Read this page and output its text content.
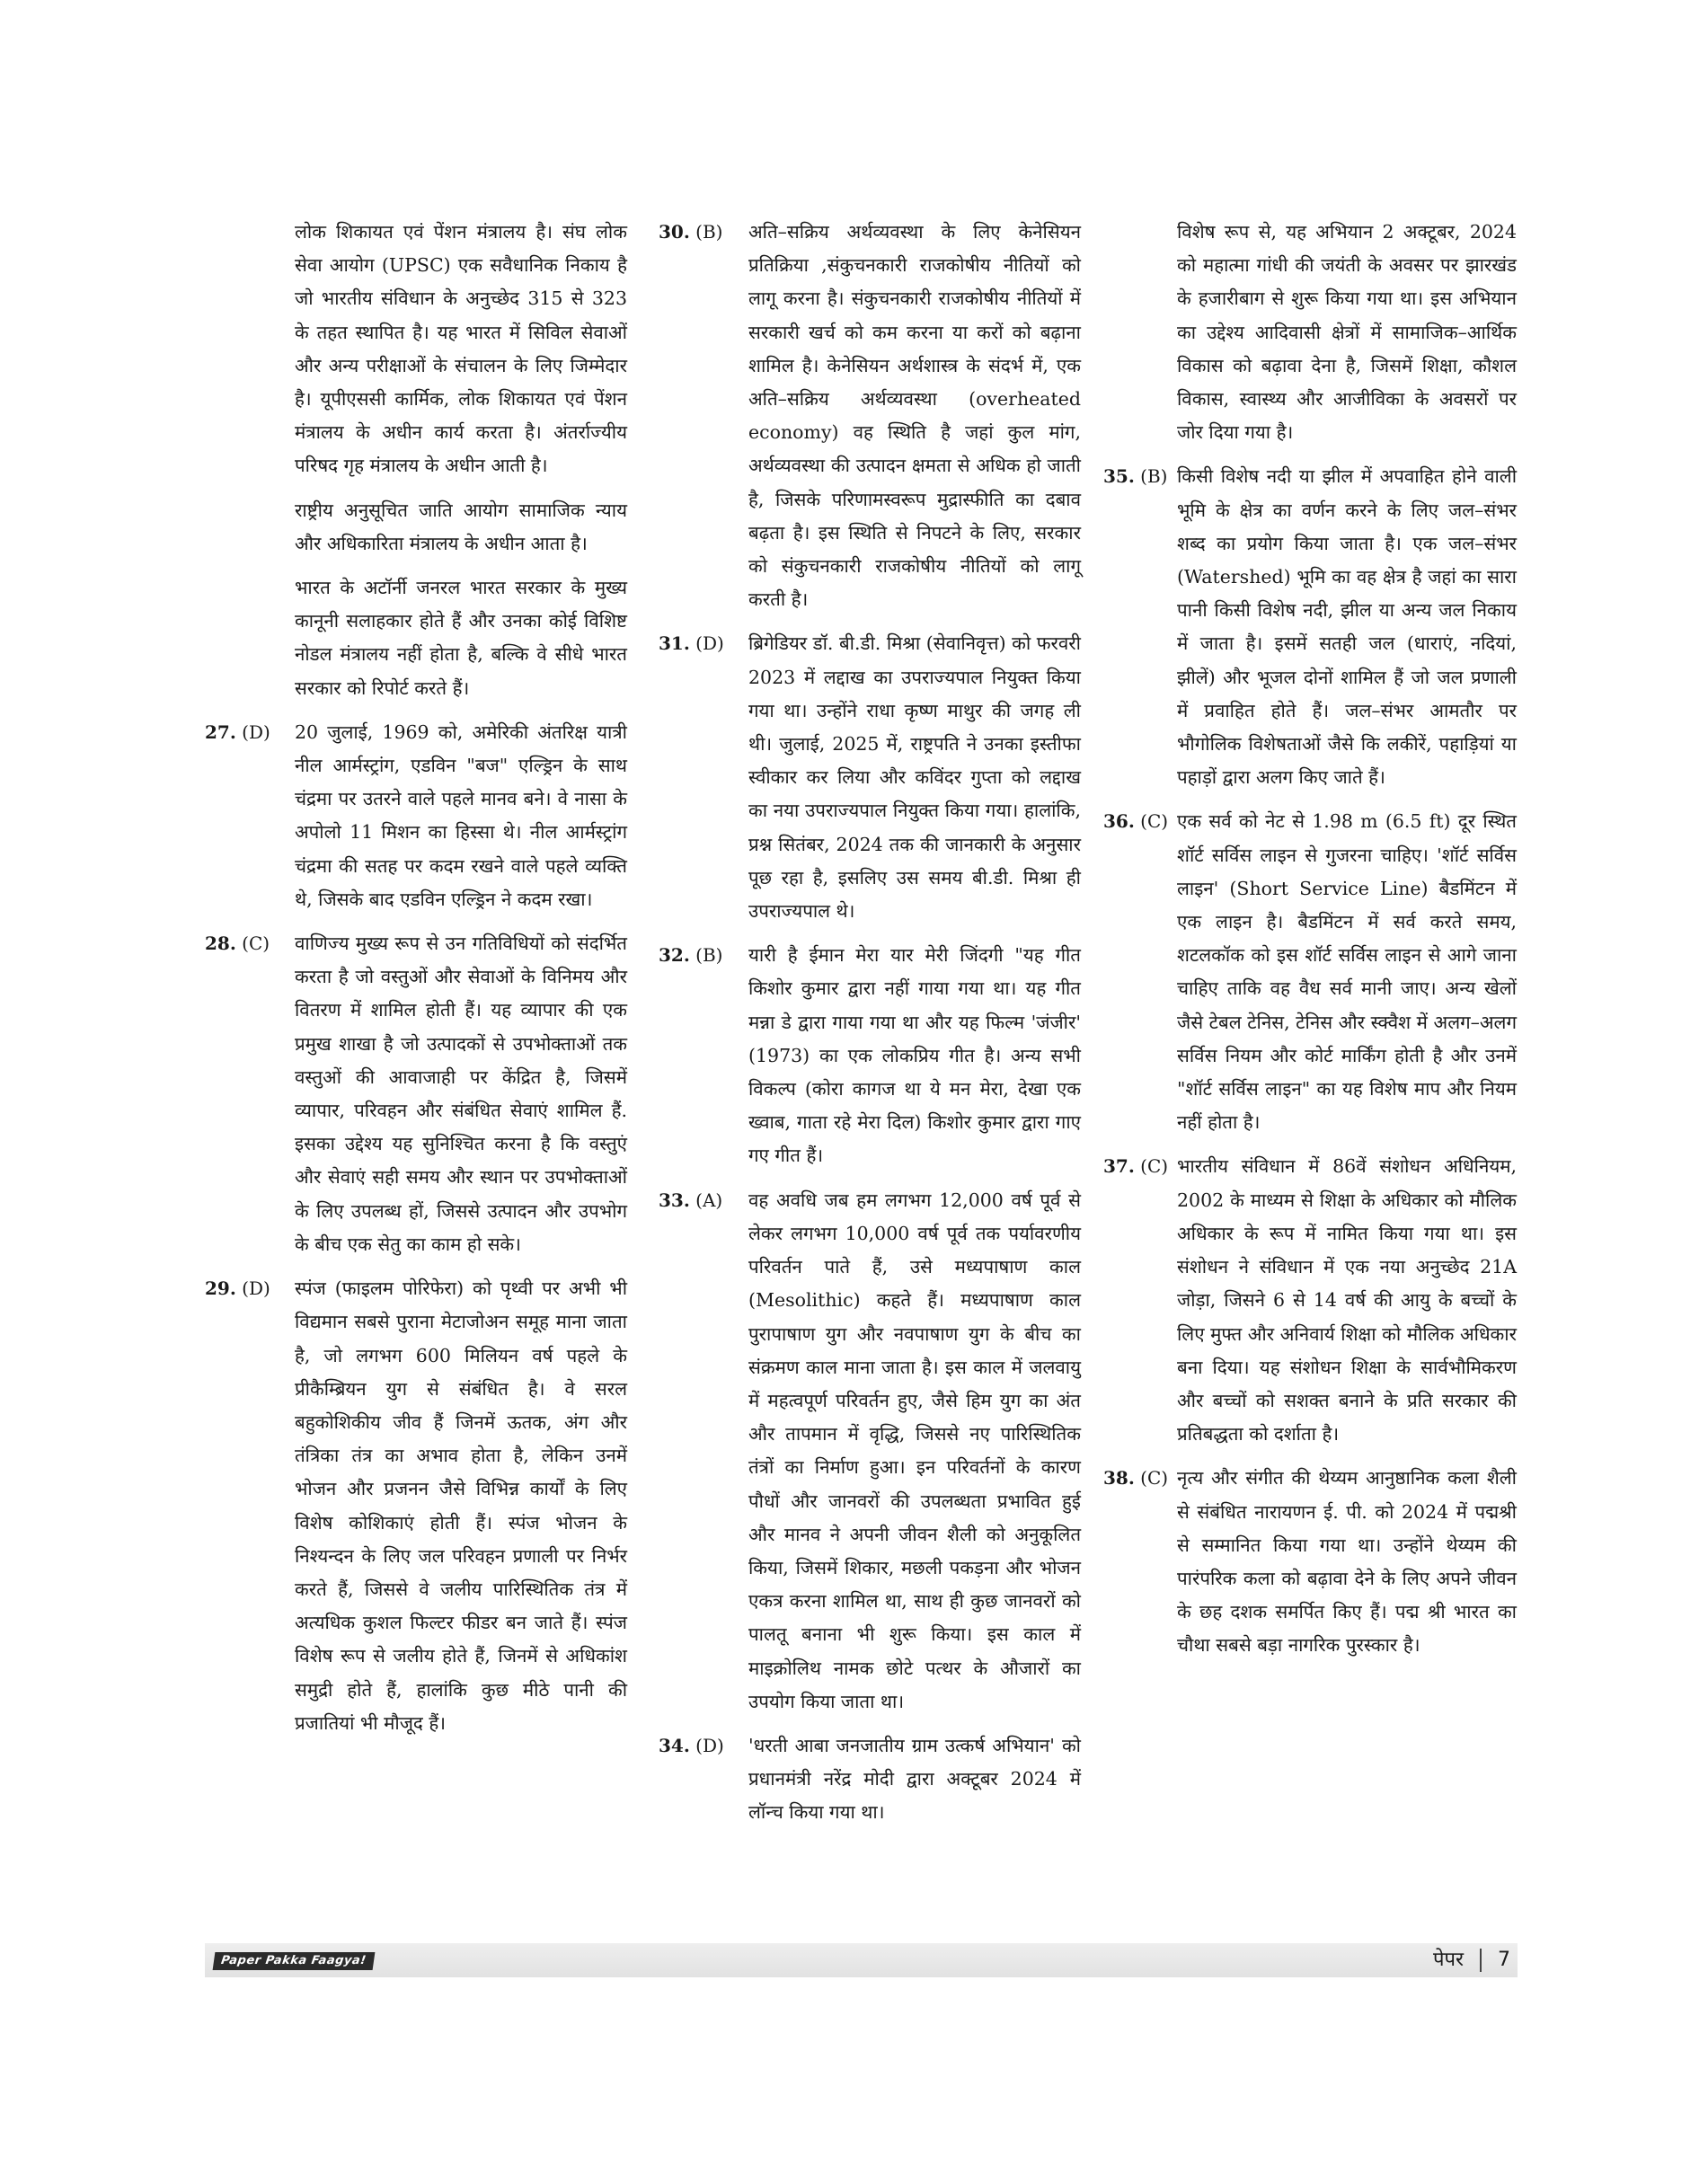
लोक शिकायत एवं पेंशन मंत्रालय है। संघ लोक सेवा आयोग (UPSC) एक सवैधानिक निकाय है जो भारतीय संविधान के अनुच्छेद 315 से 323 के तहत स्थापित है। यह भारत में सिविल सेवाओं और अन्य परीक्षाओं के संचालन के लिए जिम्मेदार है। यूपीएससी कार्मिक, लोक शिकायत एवं पेंशन मंत्रालय के अधीन कार्य करता है। अंतर्राज्यीय परिषद गृह मंत्रालय के अधीन आती है।

राष्ट्रीय अनुसूचित जाति आयोग सामाजिक न्याय और अधिकारिता मंत्रालय के अधीन आता है।

भारत के अटॉर्नी जनरल भारत सरकार के मुख्य कानूनी सलाहकार होते हैं और उनका कोई विशिष्ट नोडल मंत्रालय नहीं होता है, बल्कि वे सीधे भारत सरकार को रिपोर्ट करते हैं।

27. (D)	20 जुलाई, 1969 को, अमेरिकी अंतरिक्ष यात्री नील आर्मस्ट्रांग, एडविन "बज" एल्ड्रिन के साथ चंद्रमा पर उतरने वाले पहले मानव बने। वे नासा के अपोलो 11 मिशन का हिस्सा थे। नील आर्मस्ट्रांग चंद्रमा की सतह पर कदम रखने वाले पहले व्यक्ति थे, जिसके बाद एडविन एल्ड्रिन ने कदम रखा।

28. (C)	वाणिज्य मुख्य रूप से उन गतिविधियों को संदर्भित करता है जो वस्तुओं और सेवाओं के विनिमय और वितरण में शामिल होती हैं। यह व्यापार की एक प्रमुख शाखा है जो उत्पादकों से उपभोक्ताओं तक वस्तुओं की आवाजाही पर केंद्रित है, जिसमें व्यापार, परिवहन और संबंधित सेवाएं शामिल हैं. इसका उद्देश्य यह सुनिश्चित करना है कि वस्तुएं और सेवाएं सही समय और स्थान पर उपभोक्ताओं के लिए उपलब्ध हों, जिससे उत्पादन और उपभोग के बीच एक सेतु का काम हो सके।

29. (D)	स्पंज (फाइलम पोरिफेरा) को पृथ्वी पर अभी भी विद्यमान सबसे पुराना मेटाजोअन समूह माना जाता है, जो लगभग 600 मिलियन वर्ष पहले के प्रीकैम्ब्रियन युग से संबंधित है। वे सरल बहुकोशिकीय जीव हैं जिनमें ऊतक, अंग और तंत्रिका तंत्र का अभाव होता है, लेकिन उनमें भोजन और प्रजनन जैसे विभिन्न कार्यों के लिए विशेष कोशिकाएं होती हैं। स्पंज भोजन के निश्यन्दन के लिए जल परिवहन प्रणाली पर निर्भर करते हैं, जिससे वे जलीय पारिस्थितिक तंत्र में अत्यधिक कुशल फिल्टर फीडर बन जाते हैं। स्पंज विशेष रूप से जलीय होते हैं, जिनमें से अधिकांश समुद्री होते हैं, हालांकि कुछ मीठे पानी की प्रजातियां भी मौजूद हैं।

30. (B)	अति–सक्रिय अर्थव्यवस्था के लिए केनेसियन प्रतिक्रिया ,संकुचनकारी राजकोषीय नीतियों को लागू करना है। संकुचनकारी राजकोषीय नीतियों में सरकारी खर्च को कम करना या करों को बढ़ाना शामिल है। केनेसियन अर्थशास्त्र के संदर्भ में, एक अति–सक्रिय अर्थव्यवस्था (overheated economy) वह स्थिति है जहां कुल मांग, अर्थव्यवस्था की उत्पादन क्षमता से अधिक हो जाती है, जिसके परिणामस्वरूप मुद्रास्फीति का दबाव बढ़ता है। इस स्थिति से निपटने के लिए, सरकार को संकुचनकारी राजकोषीय नीतियों को लागू करती है।

31. (D)	ब्रिगेडियर डॉ. बी.डी. मिश्रा (सेवानिवृत्त) को फरवरी 2023 में लद्दाख का उपराज्यपाल नियुक्त किया गया था। उन्होंने राधा कृष्ण माथुर की जगह ली थी। जुलाई, 2025 में, राष्ट्रपति ने उनका इस्तीफा स्वीकार कर लिया और कविंदर गुप्ता को लद्दाख का नया उपराज्यपाल नियुक्त किया गया। हालांकि, प्रश्न सितंबर, 2024 तक की जानकारी के अनुसार पूछ रहा है, इसलिए उस समय बी.डी. मिश्रा ही उपराज्यपाल थे।

32. (B)	यारी है ईमान मेरा यार मेरी जिंदगी "यह गीत किशोर कुमार द्वारा नहीं गाया गया था। यह गीत मन्ना डे द्वारा गाया गया था और यह फिल्म 'जंजीर' (1973) का एक लोकप्रिय गीत है। अन्य सभी विकल्प (कोरा कागज था ये मन मेरा, देखा एक ख्वाब, गाता रहे मेरा दिल) किशोर कुमार द्वारा गाए गए गीत हैं।

33. (A)	वह अवधि जब हम लगभग 12,000 वर्ष पूर्व से लेकर लगभग 10,000 वर्ष पूर्व तक पर्यावरणीय परिवर्तन पाते हैं, उसे मध्यपाषाण काल (Mesolithic) कहते हैं। मध्यपाषाण काल पुरापाषाण युग और नवपाषाण युग के बीच का संक्रमण काल माना जाता है। इस काल में जलवायु में महत्वपूर्ण परिवर्तन हुए, जैसे हिम युग का अंत और तापमान में वृद्धि, जिससे नए पारिस्थितिक तंत्रों का निर्माण हुआ। इन परिवर्तनों के कारण पौधों और जानवरों की उपलब्धता प्रभावित हुई और मानव ने अपनी जीवन शैली को अनुकूलित किया, जिसमें शिकार, मछली पकड़ना और भोजन एकत्र करना शामिल था, साथ ही कुछ जानवरों को पालतू बनाना भी शुरू किया। इस काल में माइक्रोलिथ नामक छोटे पत्थर के औजारों का उपयोग किया जाता था।

34. (D)	'धरती आबा जनजातीय ग्राम उत्कर्ष अभियान' को प्रधानमंत्री नरेंद्र मोदी द्वारा अक्टूबर 2024 में लॉन्च किया गया था।

विशेष रूप से, यह अभियान 2 अक्टूबर, 2024 को महात्मा गांधी की जयंती के अवसर पर झारखंड के हजारीबाग से शुरू किया गया था। इस अभियान का उद्देश्य आदिवासी क्षेत्रों में सामाजिक–आर्थिक विकास को बढ़ावा देना है, जिसमें शिक्षा, कौशल विकास, स्वास्थ्य और आजीविका के अवसरों पर जोर दिया गया है।

35. (B) किसी विशेष नदी या झील में अपवाहित होने वाली भूमि के क्षेत्र का वर्णन करने के लिए जल–संभर शब्द का प्रयोग किया जाता है। एक जल–संभर (Watershed) भूमि का वह क्षेत्र है जहां का सारा पानी किसी विशेष नदी, झील या अन्य जल निकाय में जाता है। इसमें सतही जल (धाराएं, नदियां, झीलें) और भूजल दोनों शामिल हैं जो जल प्रणाली में प्रवाहित होते हैं। जल–संभर आमतौर पर भौगोलिक विशेषताओं जैसे कि लकीरें, पहाड़ियां या पहाड़ों द्वारा अलग किए जाते हैं।

36. (C) एक सर्व को नेट से 1.98 m (6.5 ft) दूर स्थित शॉर्ट सर्विस लाइन से गुजरना चाहिए। 'शॉर्ट सर्विस लाइन' (Short Service Line) बैडमिंटन में एक लाइन है। बैडमिंटन में सर्व करते समय, शटलकॉक को इस शॉर्ट सर्विस लाइन से आगे जाना चाहिए ताकि वह वैध सर्व मानी जाए। अन्य खेलों जैसे टेबल टेनिस, टेनिस और स्क्वैश में अलग–अलग सर्विस नियम और कोर्ट मार्किंग होती है और उनमें "शॉर्ट सर्विस लाइन" का यह विशेष माप और नियम नहीं होता है।

37. (C) भारतीय संविधान में 86वें संशोधन अधिनियम, 2002 के माध्यम से शिक्षा के अधिकार को मौलिक अधिकार के रूप में नामित किया गया था। इस संशोधन ने संविधान में एक नया अनुच्छेद 21A जोड़ा, जिसने 6 से 14 वर्ष की आयु के बच्चों के लिए मुफ्त और अनिवार्य शिक्षा को मौलिक अधिकार बना दिया। यह संशोधन शिक्षा के सार्वभौमिकरण और बच्चों को सशक्त बनाने के प्रति सरकार की प्रतिबद्धता को दर्शाता है।

38. (C) नृत्य और संगीत की थेय्यम आनुष्ठानिक कला शैली से संबंधित नारायणन ई. पी. को 2024 में पद्मश्री से सम्मानित किया गया था। उन्होंने थेय्यम की पारंपरिक कला को बढ़ावा देने के लिए अपने जीवन के छह दशक समर्पित किए हैं। पद्म श्री भारत का चौथा सबसे बड़ा नागरिक पुरस्कार है।

Paper Pakka Faagya!	पेपर 7
